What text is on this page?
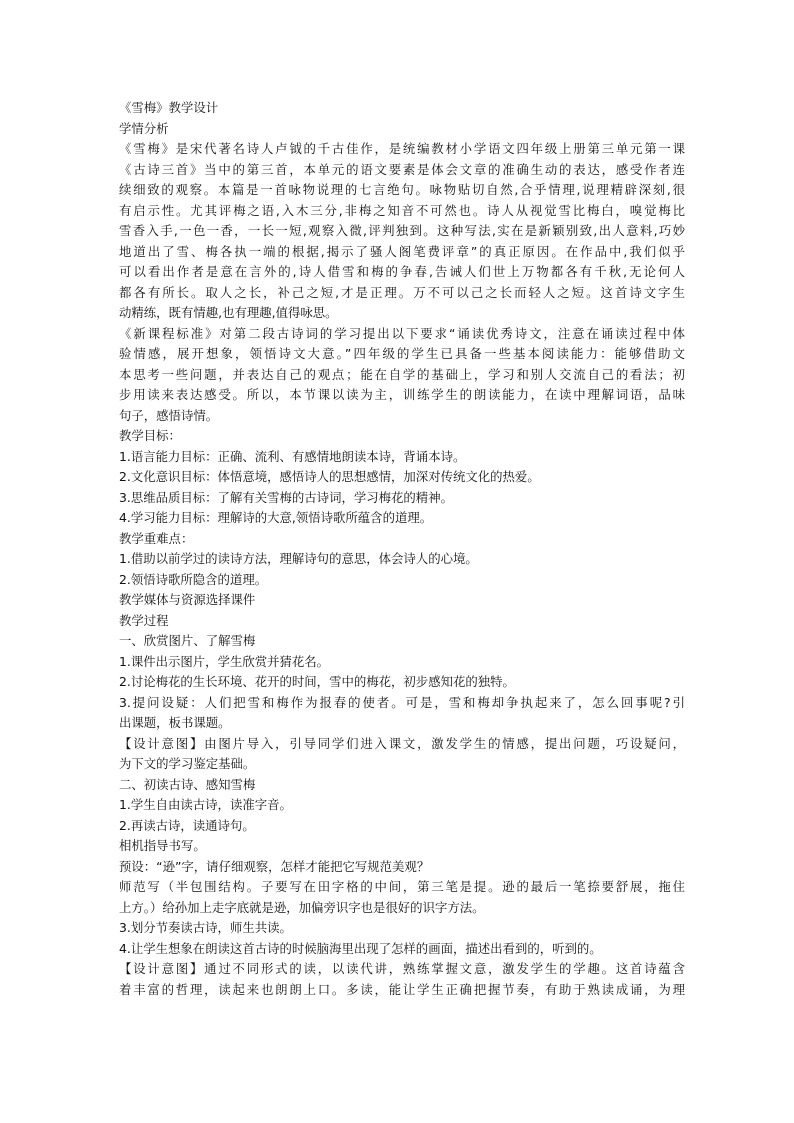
《雪梅》教学设计
学情分析
《雪梅》是宋代著名诗人卢钺的千古佳作，是统编教材小学语文四年级上册第三单元第一课
《古诗三首》当中的第三首，本单元的语文要素是体会文章的准确生动的表达，感受作者连
续细致的观察。本篇是一首咏物说理的七言绝句。咏物贴切自然,合乎情理,说理精辟深刻,很
有启示性。尤其评梅之语,入木三分,非梅之知音不可然也。诗人从视觉雪比梅白，嗅觉梅比
雪香入手,一色一香，一长一短,观察入微,评判独到。这种写法,实在是新颖别致,出人意料,巧妙
地道出了雪、梅各执一端的根据,揭示了骚人阁笔费评章”的真正原因。在作品中,我们似乎
可以看出作者是意在言外的,诗人借雪和梅的争春,告诫人们世上万物都各有千秋,无论何人
都各有所长。取人之长，补己之短,才是正理。万不可以己之长而轻人之短。这首诗文字生
动精练，既有情趣,也有理趣,值得咏思。
《新课程标准》对第二段古诗词的学习提出以下要求“诵读优秀诗文，注意在诵读过程中体
验情感，展开想象，领悟诗文大意。”四年级的学生已具备一些基本阅读能力：能够借助文
本思考一些问题，并表达自己的观点；能在自学的基础上，学习和别人交流自己的看法；初
步用读来表达感受。所以，本节课以读为主，训练学生的朗读能力，在读中理解词语，品味
句子，感悟诗情。
教学目标：
1.语言能力目标：正确、流利、有感情地朗读本诗，背诵本诗。
2.文化意识目标：体悟意境，感悟诗人的思想感情，加深对传统文化的热爱。
3.思维品质目标：了解有关雪梅的古诗词，学习梅花的精神。
4.学习能力目标：理解诗的大意,领悟诗歌所蕴含的道理。
教学重难点：
1.借助以前学过的读诗方法，理解诗句的意思，体会诗人的心境。
2.领悟诗歌所隐含的道理。
教学媒体与资源选择课件
教学过程
一、欣赏图片、了解雪梅
1.课件出示图片，学生欣赏并猜花名。
2.讨论梅花的生长环境、花开的时间，雪中的梅花，初步感知花的独特。
3.提问设疑：人们把雪和梅作为报春的使者。可是，雪和梅却争执起来了，怎么回事呢?引
出课题，板书课题。
【设计意图】由图片导入，引导同学们进入课文，激发学生的情感，提出问题，巧设疑问，
为下文的学习鉴定基础。
二、初读古诗、感知雪梅
1.学生自由读古诗，读准字音。
2.再读古诗，读通诗句。
相机指导书写。
预设：“逊”字，请仔细观察，怎样才能把它写规范美观？
师范写（半包围结构。子要写在田字格的中间，第三笔是提。逊的最后一笔捺要舒展，拖住
上方。）给孙加上走字底就是逊，加偏旁识字也是很好的识字方法。
3.划分节奏读古诗，师生共读。
4.让学生想象在朗读这首古诗的时候脑海里出现了怎样的画面，描述出看到的，听到的。
【设计意图】通过不同形式的读，以读代讲，熟练掌握文意，激发学生的学趣。这首诗蕴含
着丰富的哲理，读起来也朗朗上口。多读，能让学生正确把握节奏，有助于熟读成诵，为理
